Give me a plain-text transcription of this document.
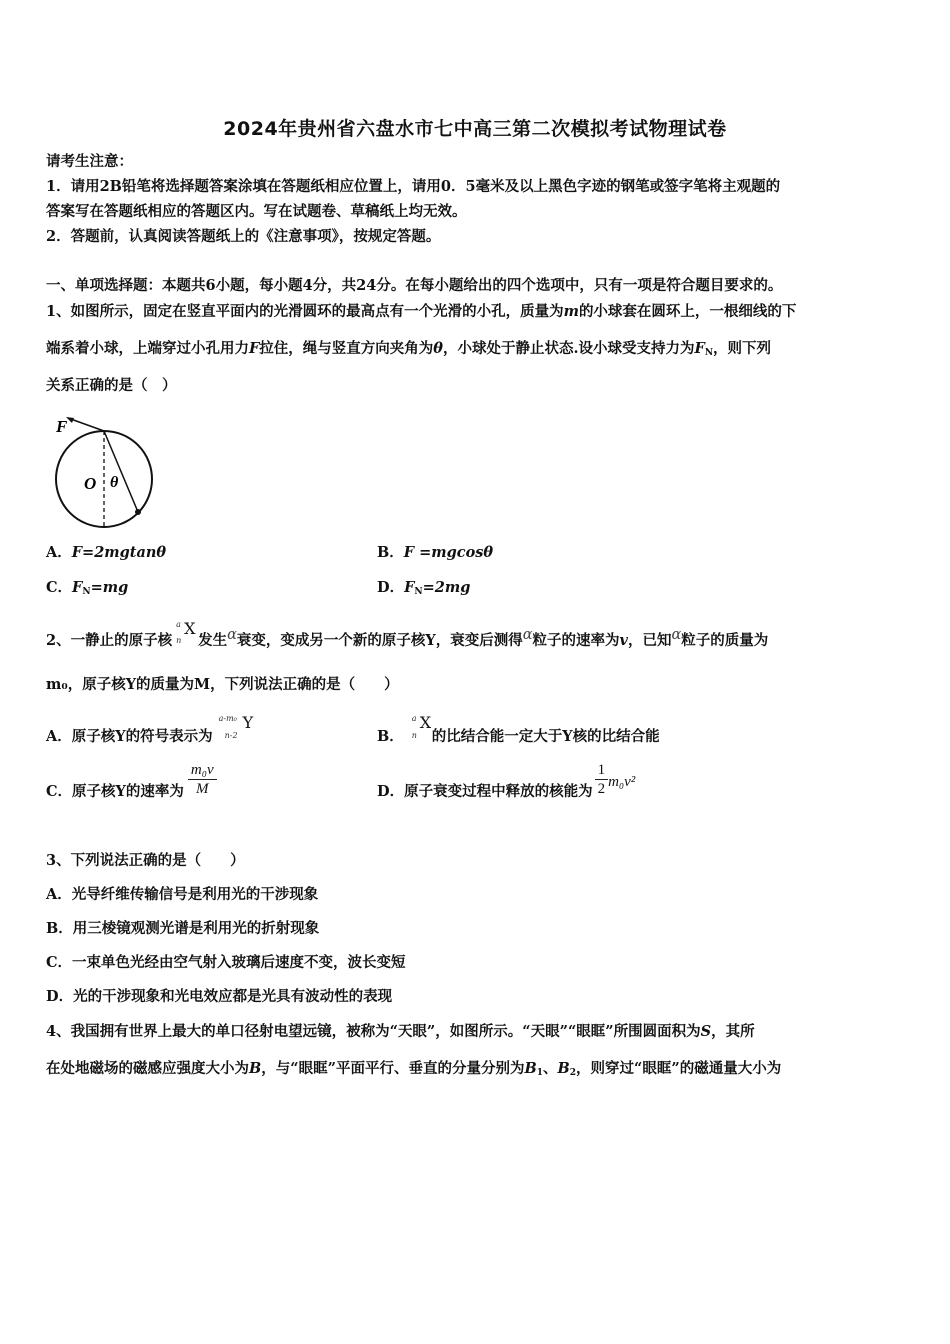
2024年贵州省六盘水市七中高三第二次模拟考试物理试卷
请考生注意：
1．请用2B铅笔将选择题答案涂填在答题纸相应位置上，请用0．5毫米及以上黑色字迹的钢笔或签字笔将主观题的
答案写在答题纸相应的答题区内。写在试题卷、草稿纸上均无效。
2．答题前，认真阅读答题纸上的《注意事项》，按规定答题。
一、单项选择题：本题共6小题，每小题4分，共24分。在每小题给出的四个选项中，只有一项是符合题目要求的。
1、如图所示，固定在竖直平面内的光滑圆环的最高点有一个光滑的小孔，质量为m的小球套在圆环上，一根细线的下
端系着小球，上端穿过小孔用力F拉住，绳与竖直方向夹角为θ，小球处于静止状态.设小球受支持力为$F_N$，则下列
关系正确的是（　）
F
O θ
A．F=2mgtanθ	B．F =mgcosθ
C．$F_N=mg$	D．$F_N=2mg$
2、一静止的原子核
a
n
X
发生α衰变，变成另一个新的原子核Y，衰变后测得α粒子的速率为v，已知α粒子的质量为
m₀，原子核Y的质量为M，下列说法正确的是（　　）
A．原子核Y的符号表示为
a-m₀
n-2
Y
B．
a
n
X
的比结合能一定大于Y核的比结合能
C．原子核Y的速率为 $\frac{\text{m₀v}}{M}$	D．原子衰变过程中释放的核能为 $\frac{1}{2} m_0v^2$
3、下列说法正确的是（　　）
A．光导纤维传输信号是利用光的干涉现象
B．用三棱镜观测光谱是利用光的折射现象
C．一束单色光经由空气射入玻璃后速度不变，波长变短
D．光的干涉现象和光电效应都是光具有波动性的表现
4、我国拥有世界上最大的单口径射电望远镜，被称为“天眼”，如图所示。“天眼”“眼眶”所围圆面积为S，其所
在处地磁场的磁感应强度大小为B，与“眼眶”平面平行、垂直的分量分别为$B_1$、$B_2$，则穿过“眼眶”的磁通量大小为
